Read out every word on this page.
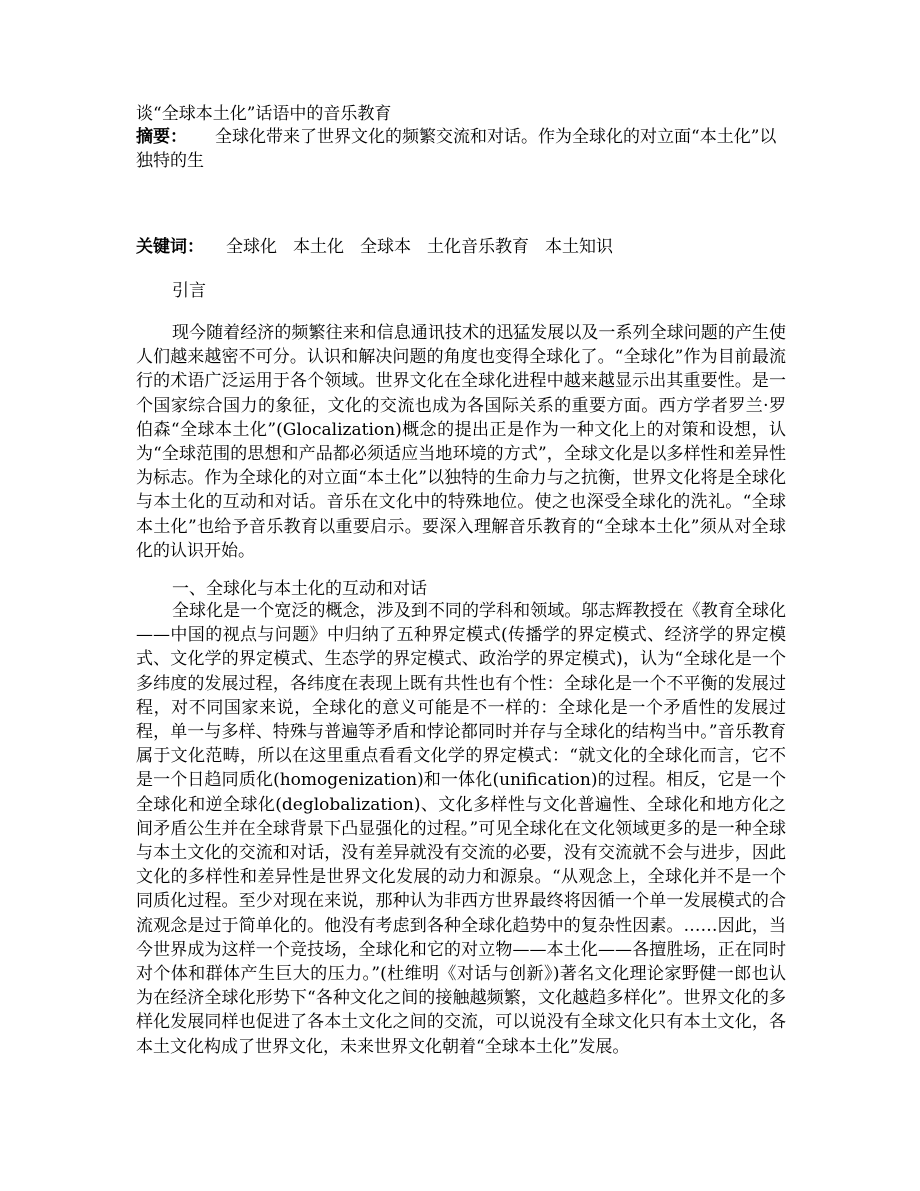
谈“全球本土化”话语中的音乐教育

摘要： 全球化带来了世界文化的频繁交流和对话。作为全球化的对立面“本土化”以独特的生

关键词： 全球化 本土化 全球本 土化音乐教育 本土知识
引言

现今随着经济的频繁往来和信息通讯技术的迅猛发展以及一系列全球问题的产生使人们越来越密不可分。认识和解决问题的角度也变得全球化了。“全球化”作为目前最流行的术语广泛运用于各个领域。世界文化在全球化进程中越来越显示出其重要性。是一个国家综合国力的象征，文化的交流也成为各国际关系的重要方面。西方学者罗兰·罗伯森“全球本土化”(Glocalization)概念的提出正是作为一种文化上的对策和设想，认为“全球范围的思想和产品都必须适应当地环境的方式”，全球文化是以多样性和差异性为标志。作为全球化的对立面“本土化”以独特的生命力与之抗衡，世界文化将是全球化与本土化的互动和对话。音乐在文化中的特殊地位。使之也深受全球化的洗礼。“全球本土化”也给予音乐教育以重要启示。要深入理解音乐教育的“全球本土化”须从对全球化的认识开始。

一、全球化与本土化的互动和对话

全球化是一个宽泛的概念，涉及到不同的学科和领域。邬志辉教授在《教育全球化——中国的视点与问题》中归纳了五种界定模式(传播学的界定模式、经济学的界定模式、文化学的界定模式、生态学的界定模式、政治学的界定模式)，认为“全球化是一个多纬度的发展过程，各纬度在表现上既有共性也有个性：全球化是一个不平衡的发展过程，对不同国家来说，全球化的意义可能是不一样的：全球化是一个矛盾性的发展过程，单一与多样、特殊与普遍等矛盾和悖论都同时并存与全球化的结构当中。”音乐教育属于文化范畴，所以在这里重点看看文化学的界定模式：“就文化的全球化而言，它不是一个日趋同质化(homogenization)和一体化(unification)的过程。相反，它是一个全球化和逆全球化(deglobalization)、文化多样性与文化普遍性、全球化和地方化之间矛盾公生并在全球背景下凸显强化的过程。”可见全球化在文化领域更多的是一种全球与本土文化的交流和对话，没有差异就没有交流的必要，没有交流就不会与进步，因此文化的多样性和差异性是世界文化发展的动力和源泉。“从观念上，全球化并不是一个同质化过程。至少对现在来说，那种认为非西方世界最终将因循一个单一发展模式的合流观念是过于简单化的。他没有考虑到各种全球化趋势中的复杂性因素。……因此，当今世界成为这样一个竞技场，全球化和它的对立物——本土化——各擅胜场，正在同时对个体和群体产生巨大的压力。”(杜维明《对话与创新》)著名文化理论家野健一郎也认为在经济全球化形势下“各种文化之间的接触越频繁，文化越趋多样化”。世界文化的多样化发展同样也促进了各本土文化之间的交流，可以说没有全球文化只有本土文化，各本土文化构成了世界文化，未来世界文化朝着“全球本土化”发展。
